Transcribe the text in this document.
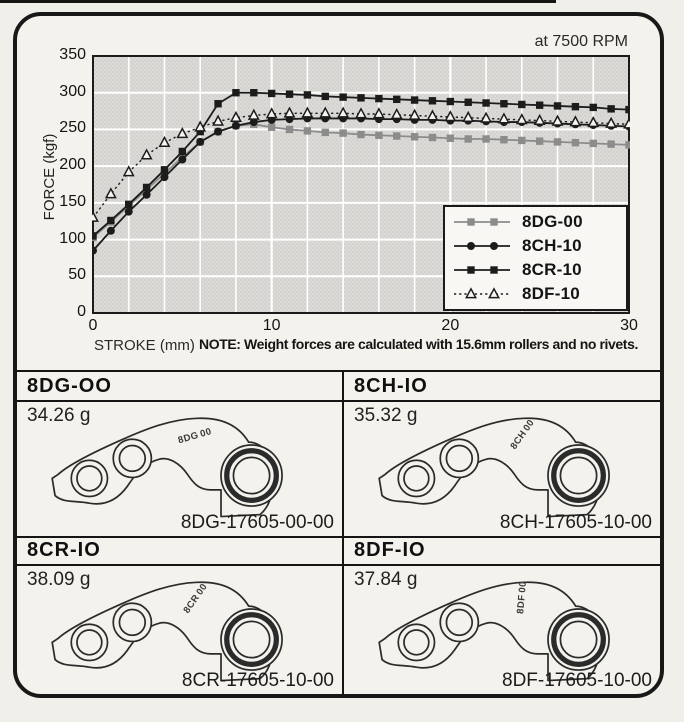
at 7500 RPM
FORCE (kgf)
0
50
100
150
200
250
300
350
0	10	20	30
STROKE (mm) NOTE: Weight forces are calculated with 15.6mm rollers and no rivets.
8DG-00
8CH-10
8CR-10
8DF-10
8DG-OO
34.26 g
8DG00
8DG-17605-00-00
8CH-IO
35.32 g
8CH00
8CH-17605-10-00
8CR-IO
38.09 g
8CR00
8CR-17605-10-00
8DF-IO
37.84 g
8DF00
8DF-17605-10-00
